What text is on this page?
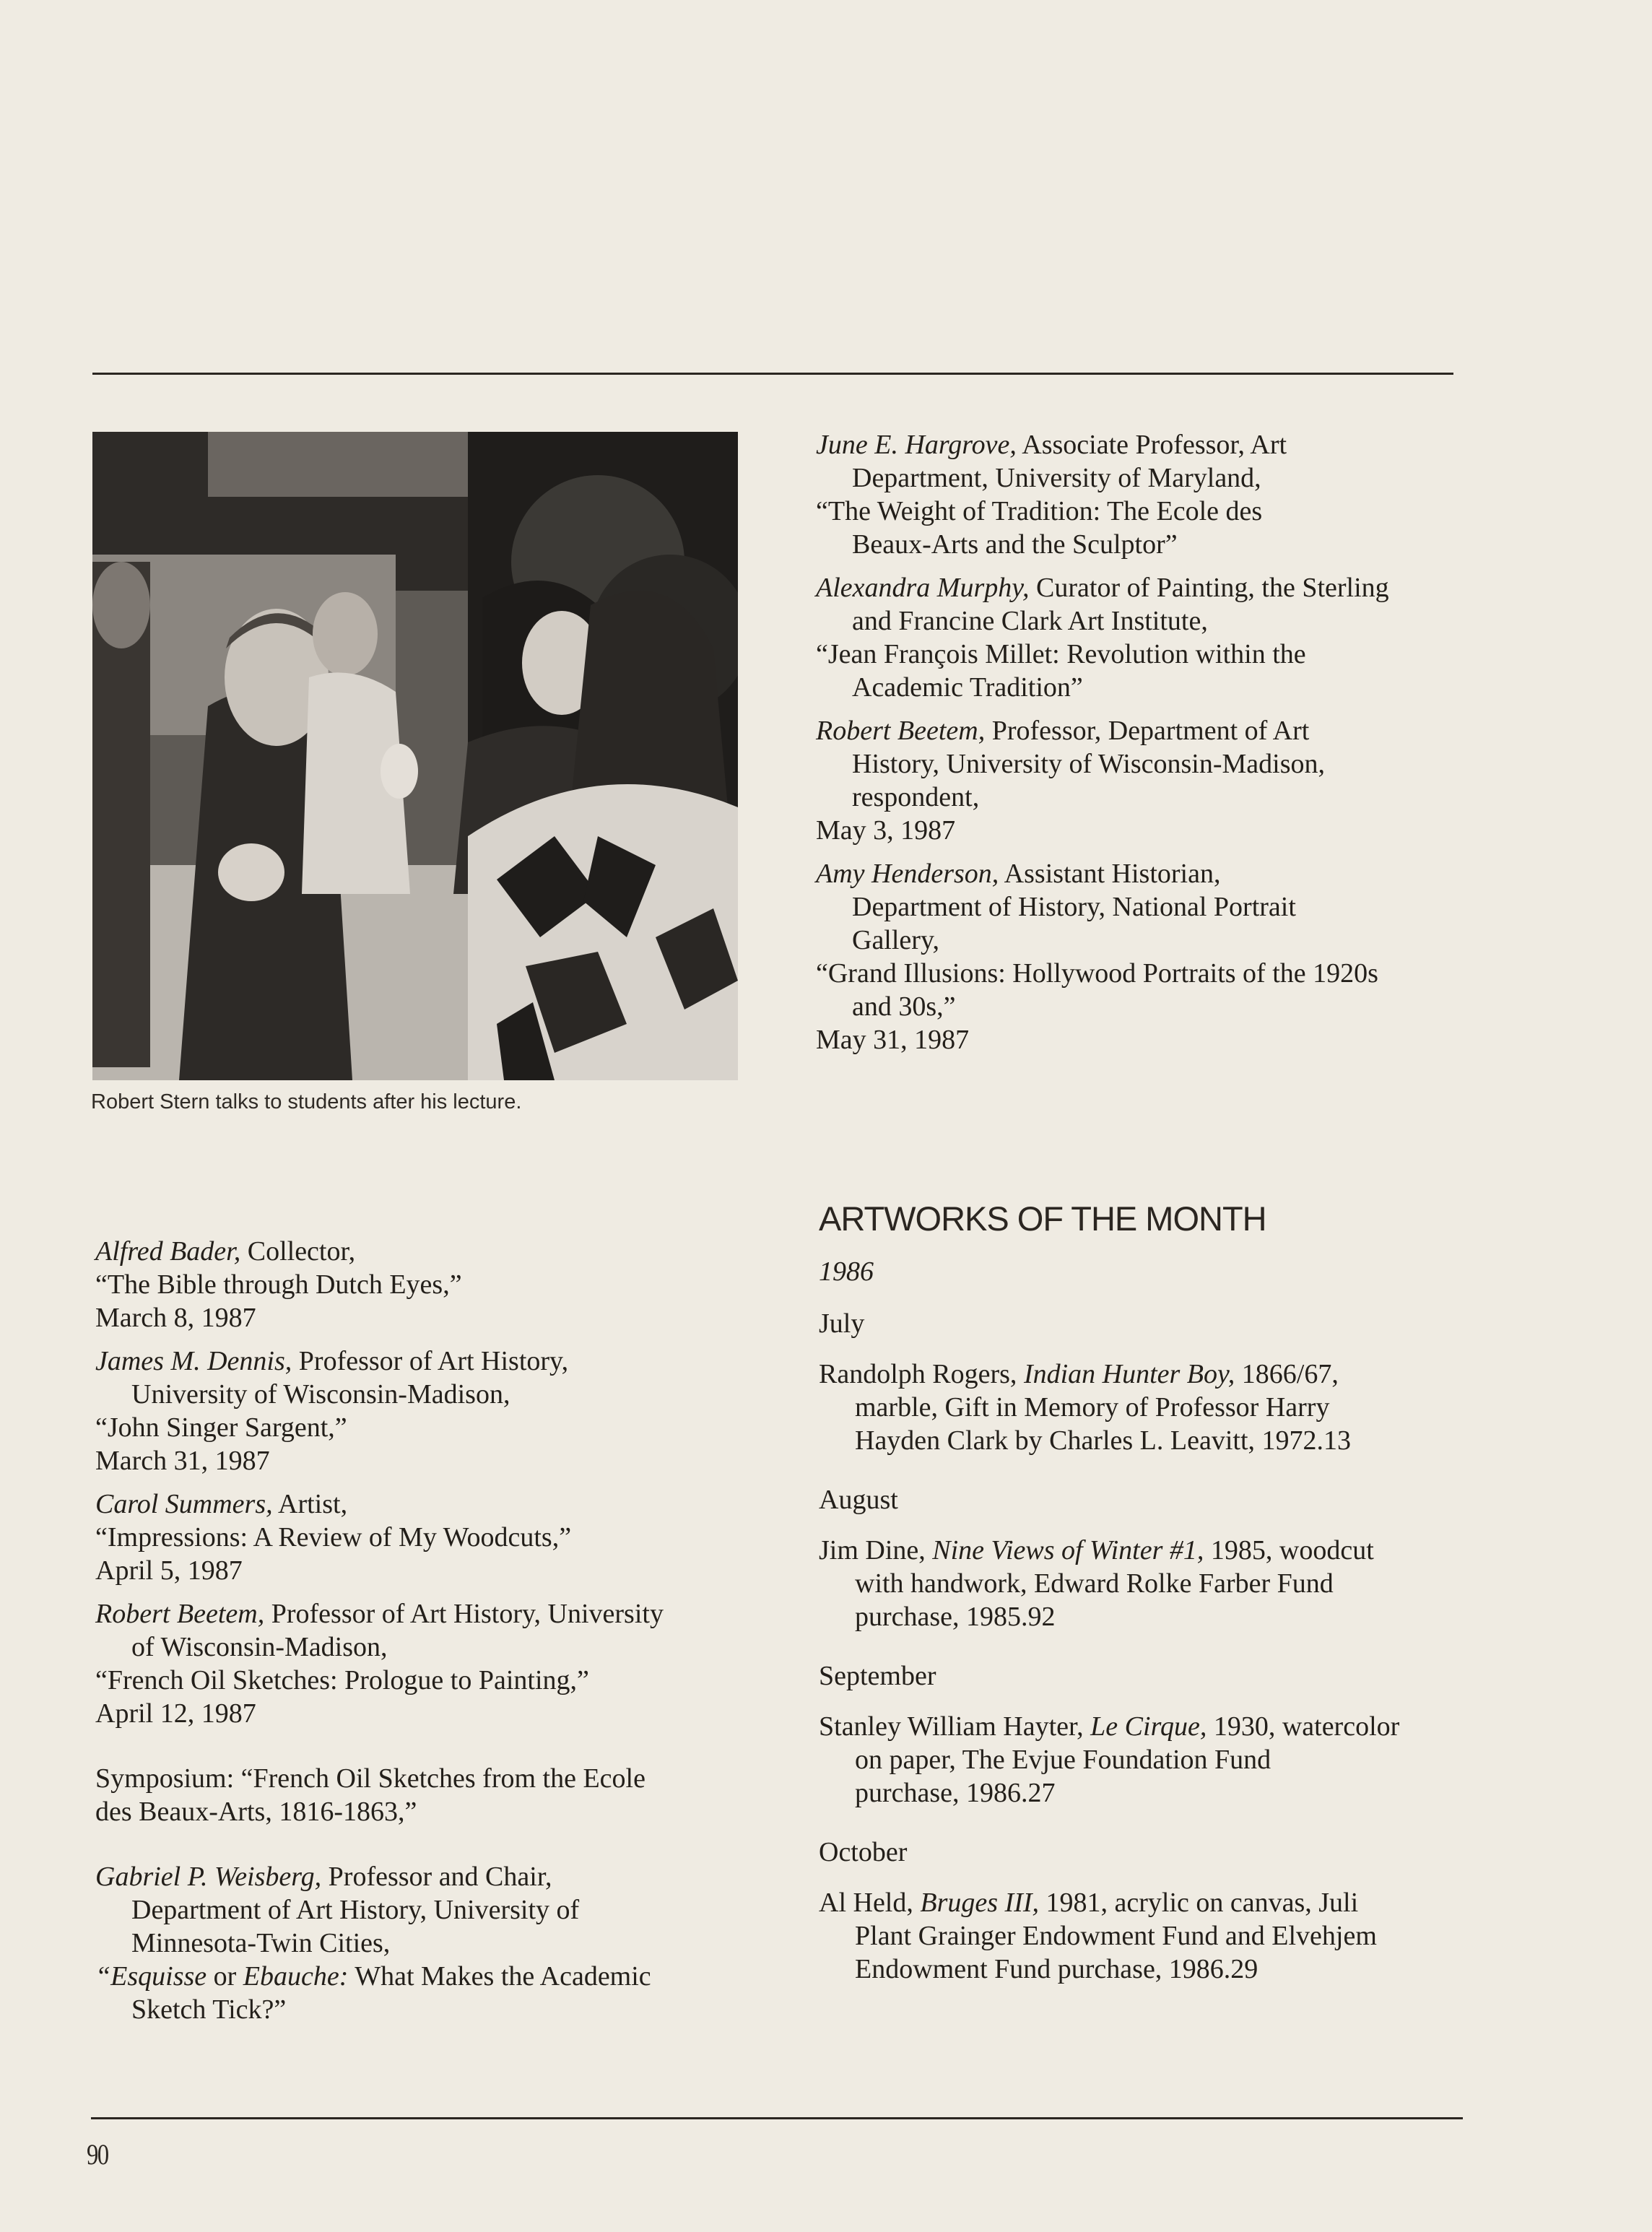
Robert Stern talks to students after his lecture.
June E. Hargrove, Associate Professor, Art
Department, University of Maryland,
“The Weight of Tradition: The Ecole des
Beaux-Arts and the Sculptor”
Alexandra Murphy, Curator of Painting, the Sterling
and Francine Clark Art Institute,
“Jean François Millet: Revolution within the
Academic Tradition”
Robert Beetem, Professor, Department of Art
History, University of Wisconsin-Madison,
respondent,
May 3, 1987
Amy Henderson, Assistant Historian,
Department of History, National Portrait
Gallery,
“Grand Illusions: Hollywood Portraits of the 1920s
and 30s,”
May 31, 1987
Alfred Bader, Collector,
“The Bible through Dutch Eyes,”
March 8, 1987
James M. Dennis, Professor of Art History,
University of Wisconsin-Madison,
“John Singer Sargent,”
March 31, 1987
Carol Summers, Artist,
“Impressions: A Review of My Woodcuts,”
April 5, 1987
Robert Beetem, Professor of Art History, University
of Wisconsin-Madison,
“French Oil Sketches: Prologue to Painting,”
April 12, 1987
Symposium: “French Oil Sketches from the Ecole
des Beaux-Arts, 1816-1863,”
Gabriel P. Weisberg, Professor and Chair,
Department of Art History, University of
Minnesota-Twin Cities,
“Esquisse or Ebauche: What Makes the Academic
Sketch Tick?”
ARTWORKS OF THE MONTH
1986
July
Randolph Rogers, Indian Hunter Boy, 1866/67,
marble, Gift in Memory of Professor Harry
Hayden Clark by Charles L. Leavitt, 1972.13
August
Jim Dine, Nine Views of Winter #1, 1985, woodcut
with handwork, Edward Rolke Farber Fund
purchase, 1985.92
September
Stanley William Hayter, Le Cirque, 1930, watercolor
on paper, The Evjue Foundation Fund
purchase, 1986.27
October
Al Held, Bruges III, 1981, acrylic on canvas, Juli
Plant Grainger Endowment Fund and Elvehjem
Endowment Fund purchase, 1986.29
90
